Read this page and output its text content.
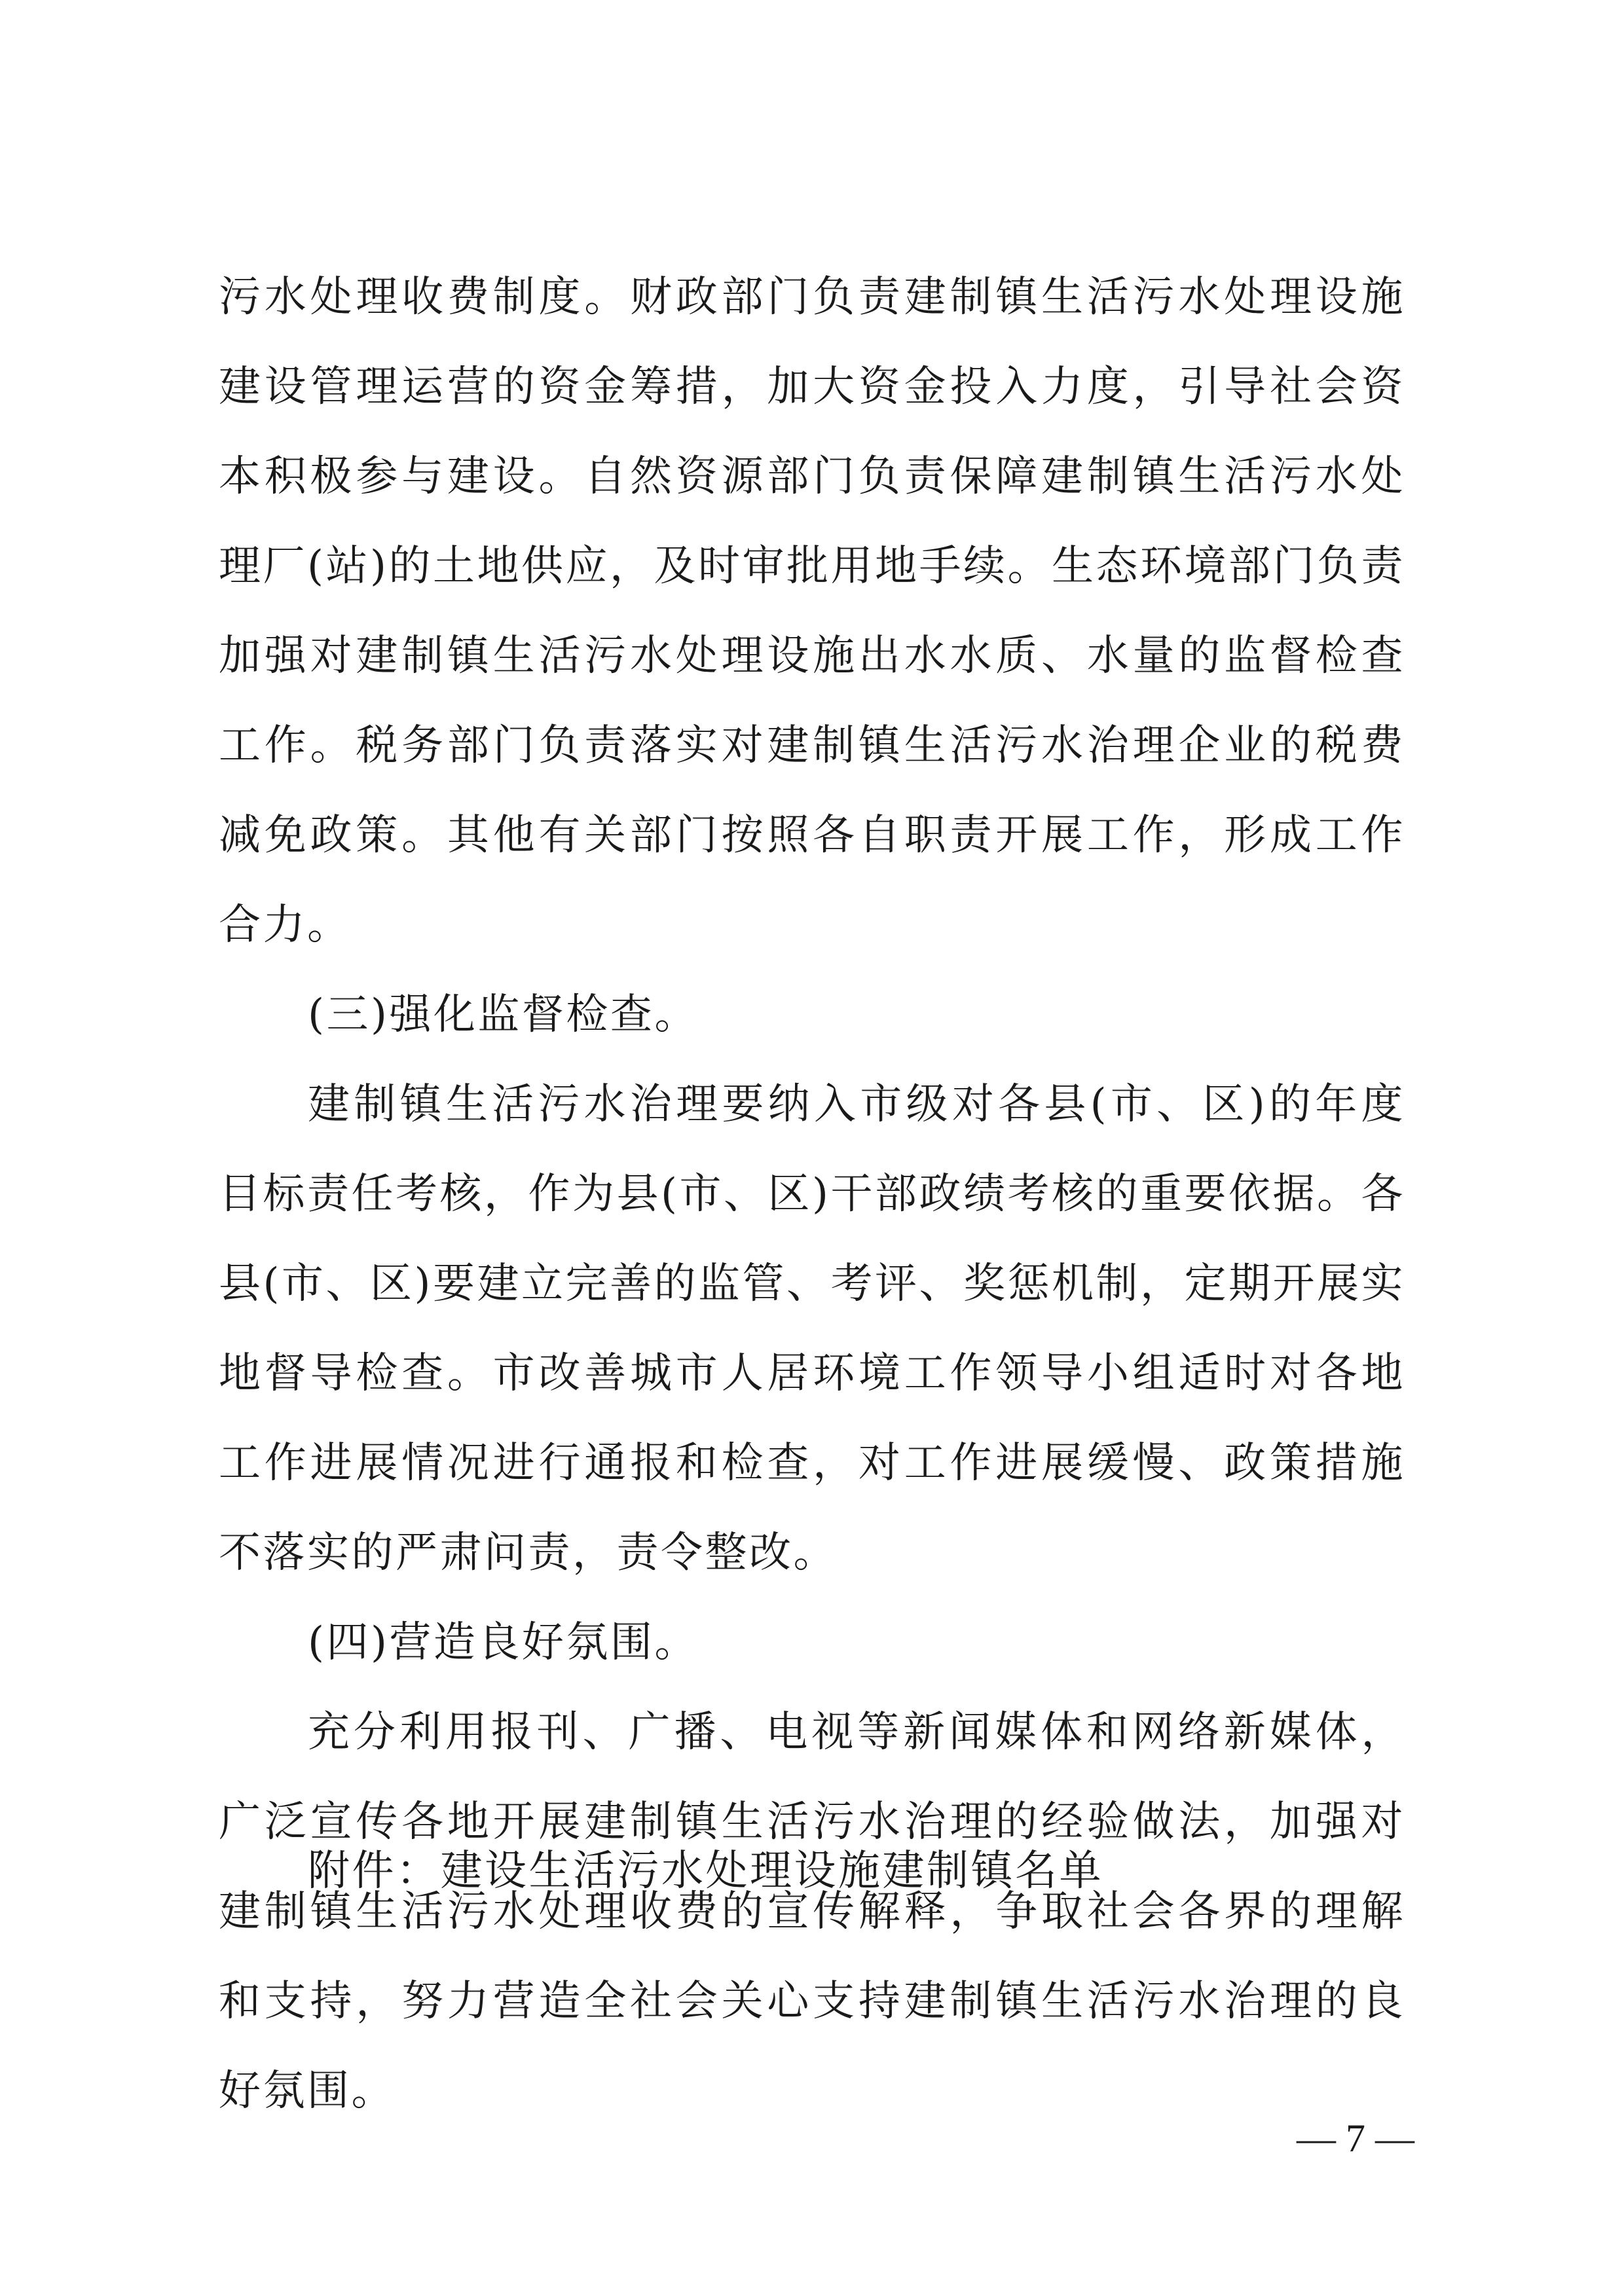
污水处理收费制度。财政部门负责建制镇生活污水处理设施建设管理运营的资金筹措，加大资金投入力度，引导社会资本积极参与建设。自然资源部门负责保障建制镇生活污水处理厂(站)的土地供应，及时审批用地手续。生态环境部门负责加强对建制镇生活污水处理设施出水水质、水量的监督检查工作。税务部门负责落实对建制镇生活污水治理企业的税费减免政策。其他有关部门按照各自职责开展工作，形成工作合力。

(三)强化监督检查。

建制镇生活污水治理要纳入市级对各县(市、区)的年度目标责任考核，作为县(市、区)干部政绩考核的重要依据。各县(市、区)要建立完善的监管、考评、奖惩机制，定期开展实地督导检查。市改善城市人居环境工作领导小组适时对各地工作进展情况进行通报和检查，对工作进展缓慢、政策措施不落实的严肃问责，责令整改。

(四)营造良好氛围。

充分利用报刊、广播、电视等新闻媒体和网络新媒体，广泛宣传各地开展建制镇生活污水治理的经验做法，加强对建制镇生活污水处理收费的宣传解释，争取社会各界的理解和支持，努力营造全社会关心支持建制镇生活污水治理的良好氛围。

附件：建设生活污水处理设施建制镇名单

— 7 —
